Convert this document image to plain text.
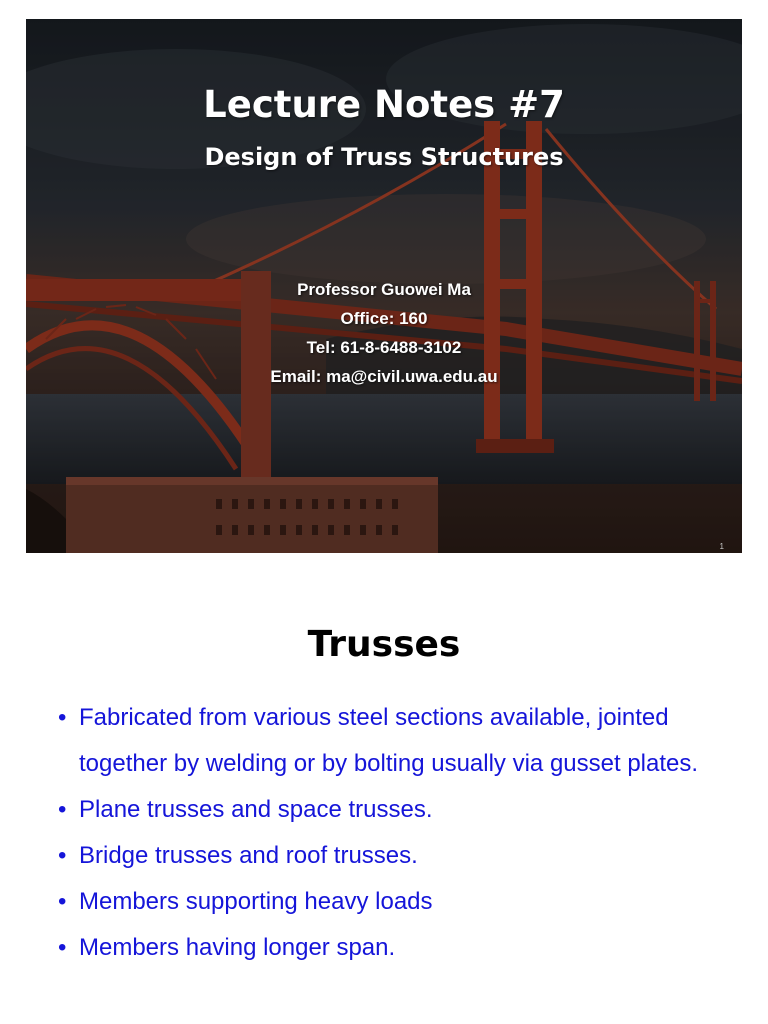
Lecture Notes #7
Design of Truss Structures
Professor Guowei Ma
Office: 160
Tel: 61-8-6488-3102
Email: ma@civil.uwa.edu.au
1
Trusses
• Fabricated from various steel sections available, jointed together by welding or by bolting usually via gusset plates.
• Plane trusses and space trusses.
• Bridge trusses and roof trusses.
• Members supporting heavy loads
• Members having longer span.
